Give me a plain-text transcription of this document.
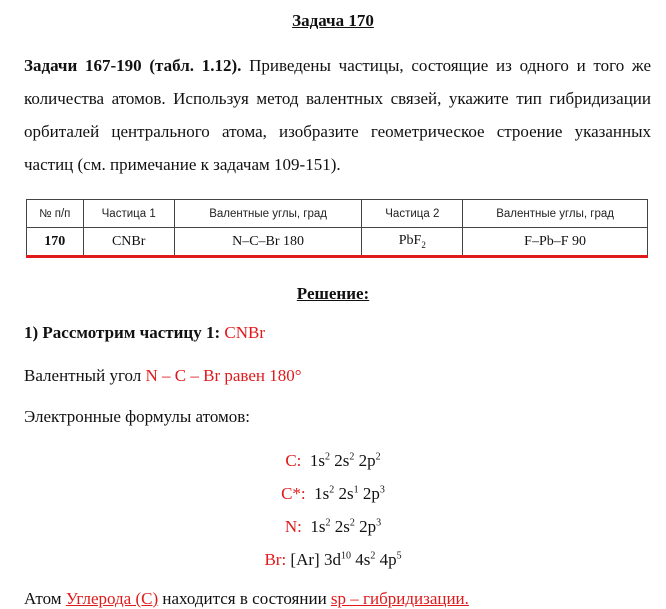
Задача 170

Задачи 167-190 (табл. 1.12). Приведены частицы, состоящие из одного и того же количества атомов. Используя метод валентных связей, укажите тип гибридизации орбиталей центрального атома, изобразите геометрическое строение указанных частиц (см. примечание к задачам 109-151).

№ п/п	Частица 1	Валентные углы, град	Частица 2	Валентные углы, град
170	CNBr	N–C–Br 180	PbF$_2$	F–Pb–F 90
Решение:
1) Рассмотрим частицу 1: CNBr
Валентный угол N – C – Br равен 180°
Электронные формулы атомов:
C: $1s^2$ $2s^2$ $2p^2$
C*: $1s^2$ $2s^1$ $2p^3$
N: $1s^2$ $2s^2$ $2p^3$
Br: [Ar] $3d^{10}$ $4s^2$ $4p^5$
Атом Углерода (С) находится в состоянии sp – гибридизации.
